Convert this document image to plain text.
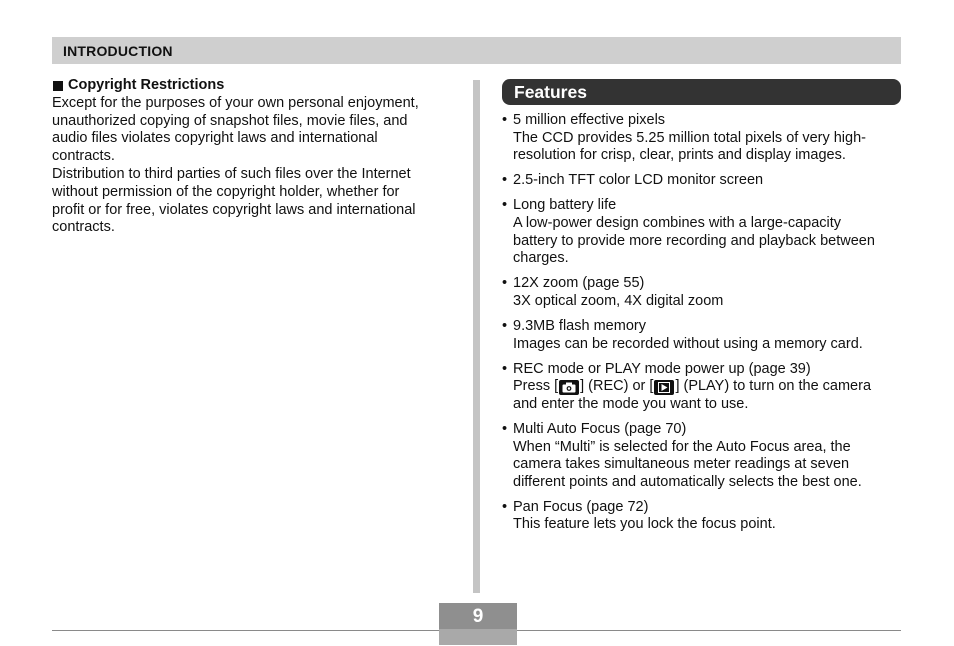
INTRODUCTION
Copyright Restrictions

Except for the purposes of your own personal enjoyment,
unauthorized copying of snapshot files, movie files, and
audio files violates copyright laws and international
contracts.

Distribution to third parties of such files over the Internet
without permission of the copyright holder, whether for
profit or for free, violates copyright laws and international
contracts.

Features
• 5 million effective pixels
The CCD provides 5.25 million total pixels of very high-
resolution for crisp, clear, prints and display images.
• 2.5-inch TFT color LCD monitor screen
• Long battery life
A low-power design combines with a large-capacity
battery to provide more recording and playback between
charges.
• 12X zoom (page 55)
3X optical zoom, 4X digital zoom
• 9.3MB flash memory
Images can be recorded without using a memory card.
• REC mode or PLAY mode power up (page 39)
Press [ ] (REC) or [ ] (PLAY) to turn on the camera
and enter the mode you want to use.
• Multi Auto Focus (page 70)
When “Multi” is selected for the Auto Focus area, the
camera takes simultaneous meter readings at seven
different points and automatically selects the best one.
• Pan Focus (page 72)
This feature lets you lock the focus point.
9
